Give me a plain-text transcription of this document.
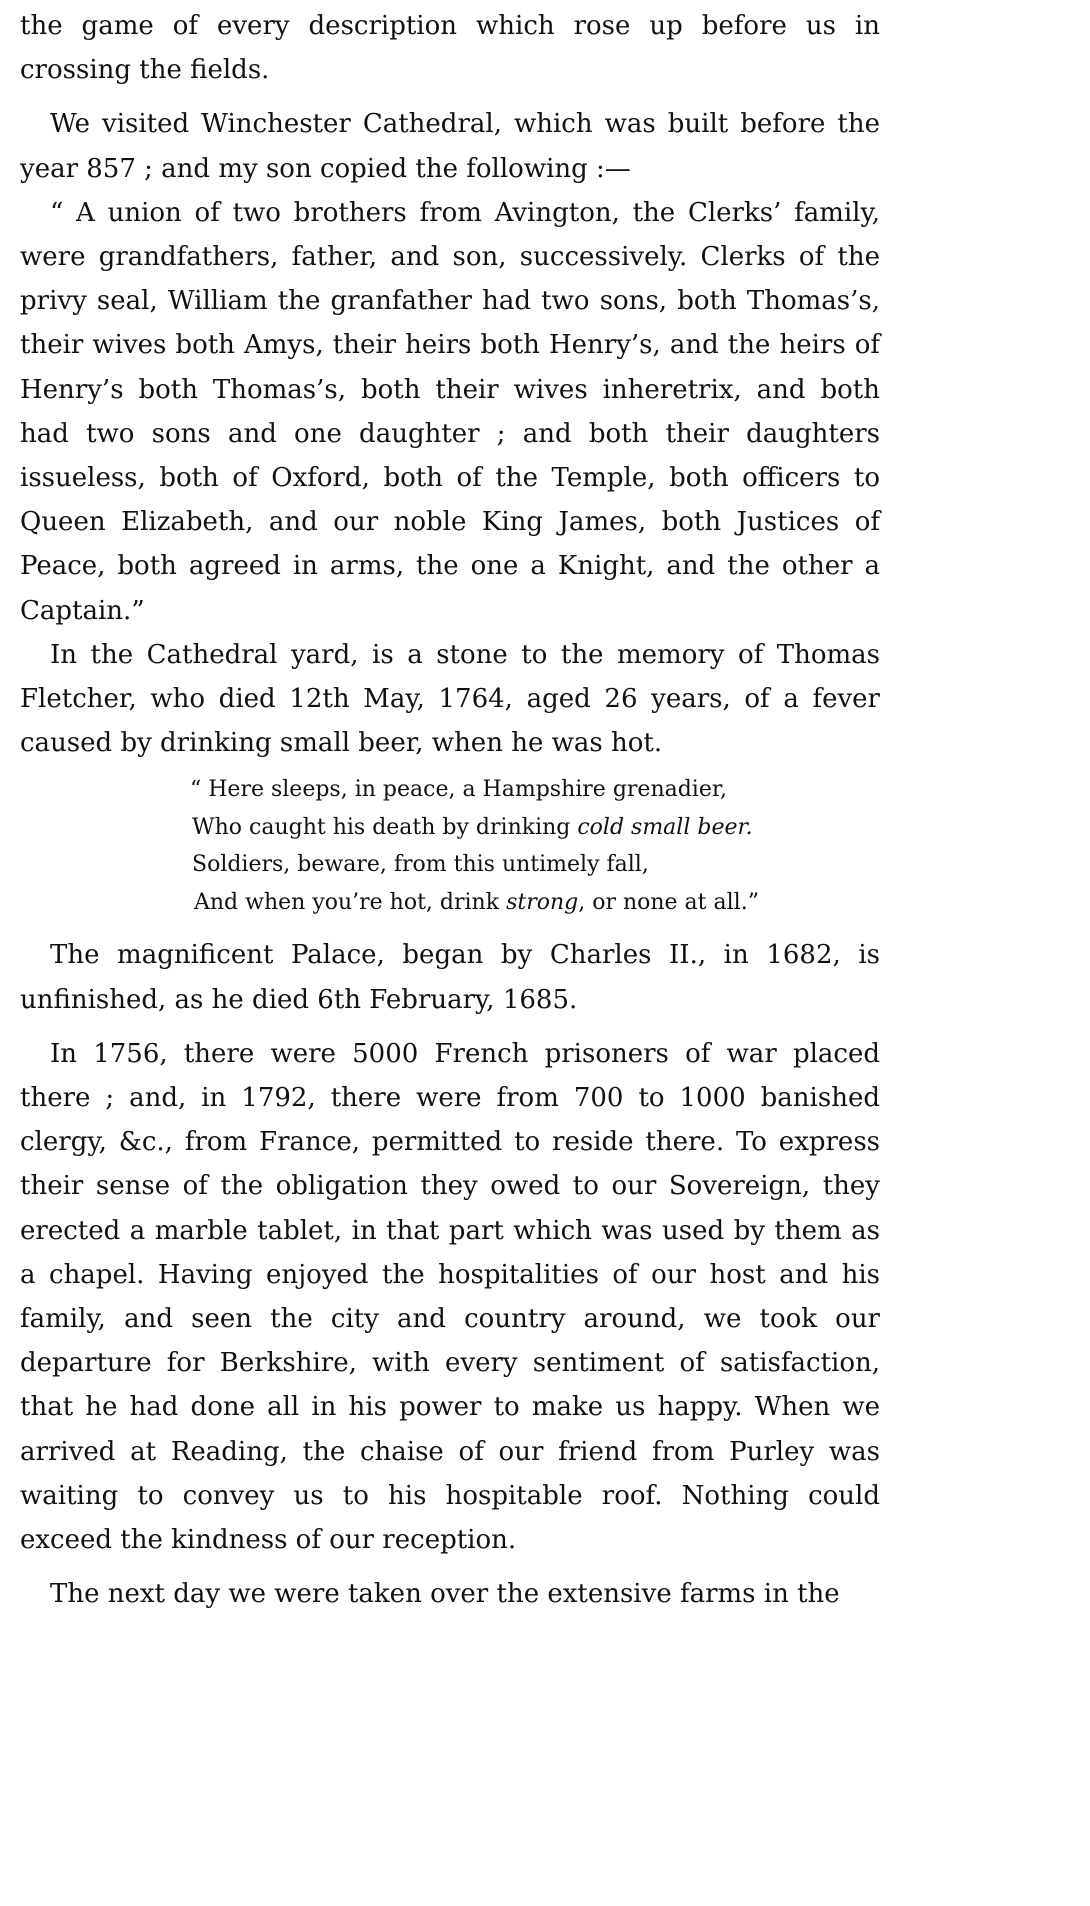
the game of every description which rose up before us in crossing the fields.

We visited Winchester Cathedral, which was built before the year 857 ; and my son copied the following :—

“ A union of two brothers from Avington, the Clerks’ family, were grandfathers, father, and son, successively. Clerks of the privy seal, William the granfather had two sons, both Thomas’s, their wives both Amys, their heirs both Henry’s, and the heirs of Henry’s both Thomas’s, both their wives inheretrix, and both had two sons and one daughter ; and both their daughters issueless, both of Oxford, both of the Temple, both officers to Queen Elizabeth, and our noble King James, both Justices of Peace, both agreed in arms, the one a Knight, and the other a Captain.”

In the Cathedral yard, is a stone to the memory of Thomas Fletcher, who died 12th May, 1764, aged 26 years, of a fever caused by drinking small beer, when he was hot.

“ Here sleeps, in peace, a Hampshire grenadier,
Who caught his death by drinking cold small beer.
Soldiers, beware, from this untimely fall,
And when you’re hot, drink strong, or none at all.”

The magnificent Palace, began by Charles II., in 1682, is unfinished, as he died 6th February, 1685.

In 1756, there were 5000 French prisoners of war placed there ; and, in 1792, there were from 700 to 1000 banished clergy, &c., from France, permitted to reside there. To express their sense of the obligation they owed to our Sovereign, they erected a marble tablet, in that part which was used by them as a chapel. Having enjoyed the hospitalities of our host and his family, and seen the city and country around, we took our departure for Berkshire, with every sentiment of satisfaction, that he had done all in his power to make us happy. When we arrived at Reading, the chaise of our friend from Purley was waiting to convey us to his hospitable roof. Nothing could exceed the kindness of our reception.

The next day we were taken over the extensive farms in the
